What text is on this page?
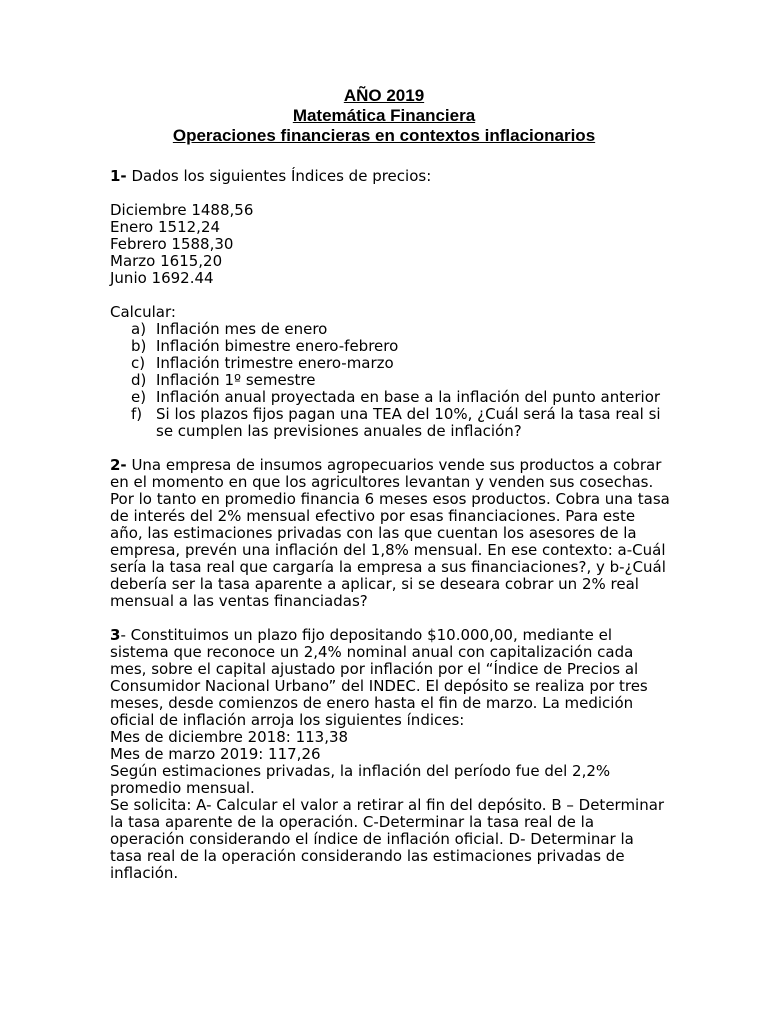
AÑO 2019
Matemática Financiera
Operaciones financieras en contextos inflacionarios

1- Dados los siguientes Índices de precios:

Diciembre 1488,56

Enero 1512,24

Febrero 1588,30

Marzo 1615,20

Junio 1692.44

Calcular:

a) Inflación mes de enero
b) Inflación bimestre enero-febrero
c) Inflación trimestre enero-marzo
d) Inflación 1º semestre
e) Inflación anual proyectada en base a la inflación del punto anterior
f) Si los plazos fijos pagan una TEA del 10%, ¿Cuál será la tasa real si se cumplen las previsiones anuales de inflación?

2- Una empresa de insumos agropecuarios vende sus productos a cobrar en el momento en que los agricultores levantan y venden sus cosechas. Por lo tanto en promedio financia 6 meses esos productos. Cobra una tasa de interés del 2% mensual efectivo por esas financiaciones. Para este año, las estimaciones privadas con las que cuentan los asesores de la empresa, prevén una inflación del 1,8% mensual. En ese contexto: a-Cuál sería la tasa real que cargaría la empresa a sus financiaciones?, y b-¿Cuál debería ser la tasa aparente a aplicar, si se deseara cobrar un 2% real mensual a las ventas financiadas?

3- Constituimos un plazo fijo depositando $10.000,00, mediante el sistema que reconoce un 2,4% nominal anual con capitalización cada mes, sobre el capital ajustado por inflación por el “Índice de Precios al Consumidor Nacional Urbano” del INDEC. El depósito se realiza por tres meses, desde comienzos de enero hasta el fin de marzo. La medición oficial de inflación arroja los siguientes índices:

Mes de diciembre 2018: 113,38

Mes de marzo 2019: 117,26

Según estimaciones privadas, la inflación del período fue del 2,2% promedio mensual.

Se solicita: A- Calcular el valor a retirar al fin del depósito. B – Determinar la tasa aparente de la operación. C-Determinar la tasa real de la operación considerando el índice de inflación oficial. D- Determinar la tasa real de la operación considerando las estimaciones privadas de inflación.
